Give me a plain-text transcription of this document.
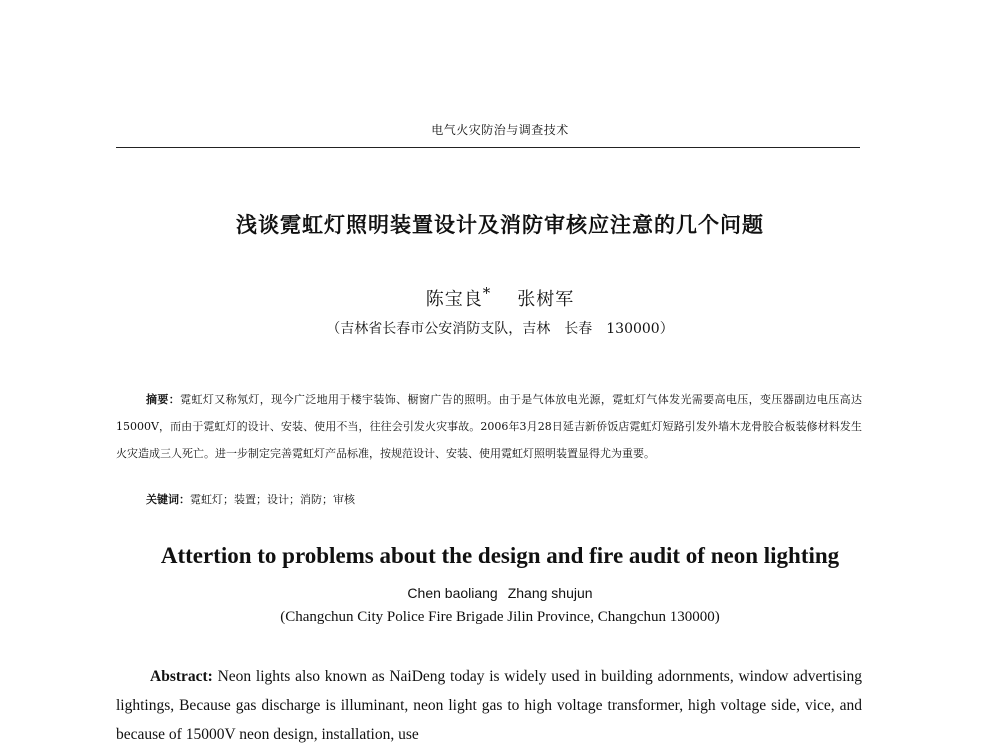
电气火灾防治与调查技术
浅谈霓虹灯照明装置设计及消防审核应注意的几个问题
陈宝良* 张树军
（吉林省长春市公安消防支队，吉林　长春　130000）
摘要：霓虹灯又称氖灯，现今广泛地用于楼宇装饰、橱窗广告的照明。由于是气体放电光源，霓虹灯气体发光需要高电压，变压器副边电压高达15000V，而由于霓虹灯的设计、安装、使用不当，往往会引发火灾事故。2006年3月28日延吉新侨饭店霓虹灯短路引发外墙木龙骨胶合板装修材料发生火灾造成三人死亡。进一步制定完善霓虹灯产品标准，按规范设计、安装、使用霓虹灯照明装置显得尤为重要。
关键词：霓虹灯；装置；设计；消防；审核
Attertion to problems about the design and fire audit of neon lighting
Chen baoliang Zhang shujun
(Changchun City Police Fire Brigade Jilin Province, Changchun 130000)
Abstract: Neon lights also known as NaiDeng today is widely used in building adornments, window advertising lightings, Because gas discharge is illuminant, neon light gas to high voltage transformer, high voltage side, vice, and because of 15000V neon design, installation, use
